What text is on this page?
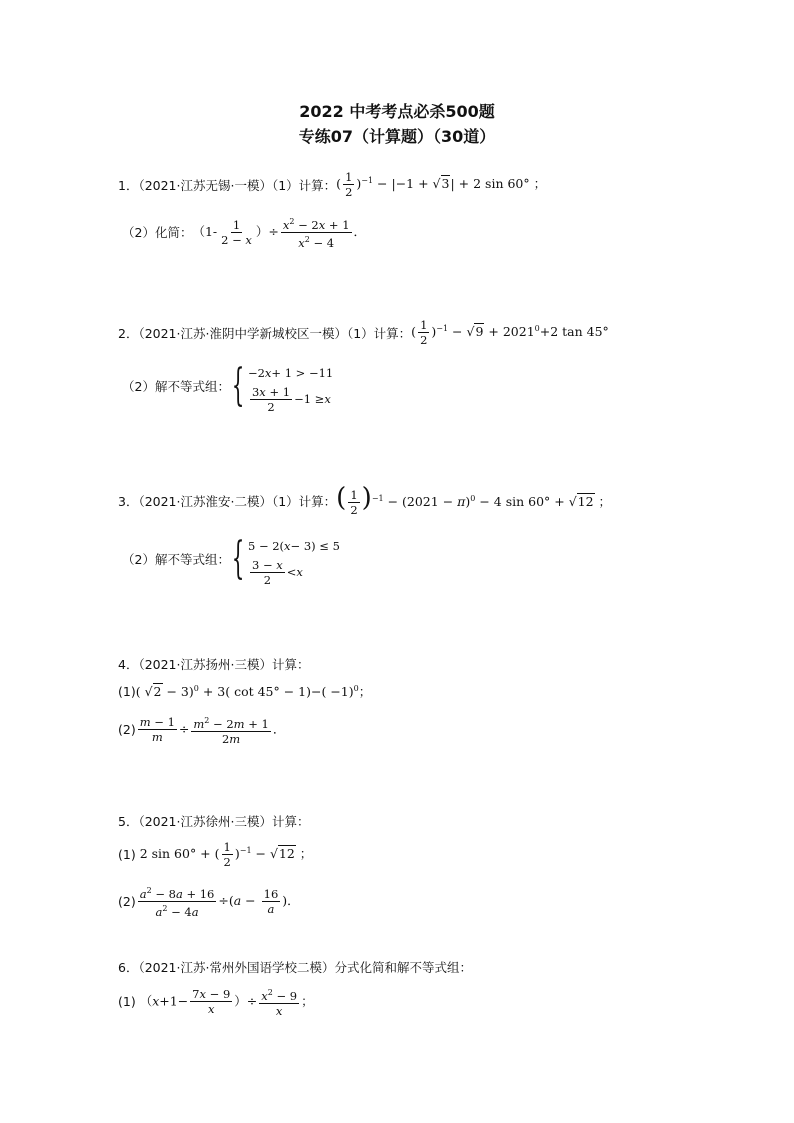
2022 中考考点必杀500题
专练07（计算题）（30道）
1．（2021·江苏无锡·一模）（1）计算： ( $\frac{1}{2} )^{-1} - |-1 + √3| + 2$ sin 60° ；
（2）化简： （$1- \frac{1}{2 - x}$ ）÷ $\frac{x^2 - 2x + 1}{x^2 - 4}$ ．
2．（2021·江苏·淮阴中学新城校区一模）（1）计算： ( $\frac{1}{2} )^{-1} - √9 + 2021^0+2$ tan 45°
（2）解不等式组： { −2 x + 1 > −11
3x + 1
2
−1 ≥ x
3．（2021·江苏淮安·二模）（1）计算： ( $\frac{1}{2} )^{-1} - (2021 - \pi)^0 - 4$ sin 60° + √12 ；
（2）解不等式组： { 5 − 2( x − 3) ≤ 5
3 − x
2
< x
4．（2021·江苏扬州·三模）计算：
(1) ( √2 − 3)$^0$ + 3( $\cot 45^\circ - 1)-( -1)^0$；
$(2) \frac{m - 1}{m} \div \frac{m^2 - 2m + 1}{2m}$ ．
5．（2021·江苏徐州·三模）计算：
(1) 2 sin 60° + ( $\frac{1}{2} )^{-1} - √12$ ；
$(2) \frac{a^2 - 8a + 16}{a^2 - 4a} \div(a - \frac{16}{a}$ )．
6．（2021·江苏·常州外国语学校二模）分式化简和解不等式组：
(1) （$x+1- \frac{7x - 9}{x}$ ）÷ $\frac{x^2 - 9}{x}$ ；
